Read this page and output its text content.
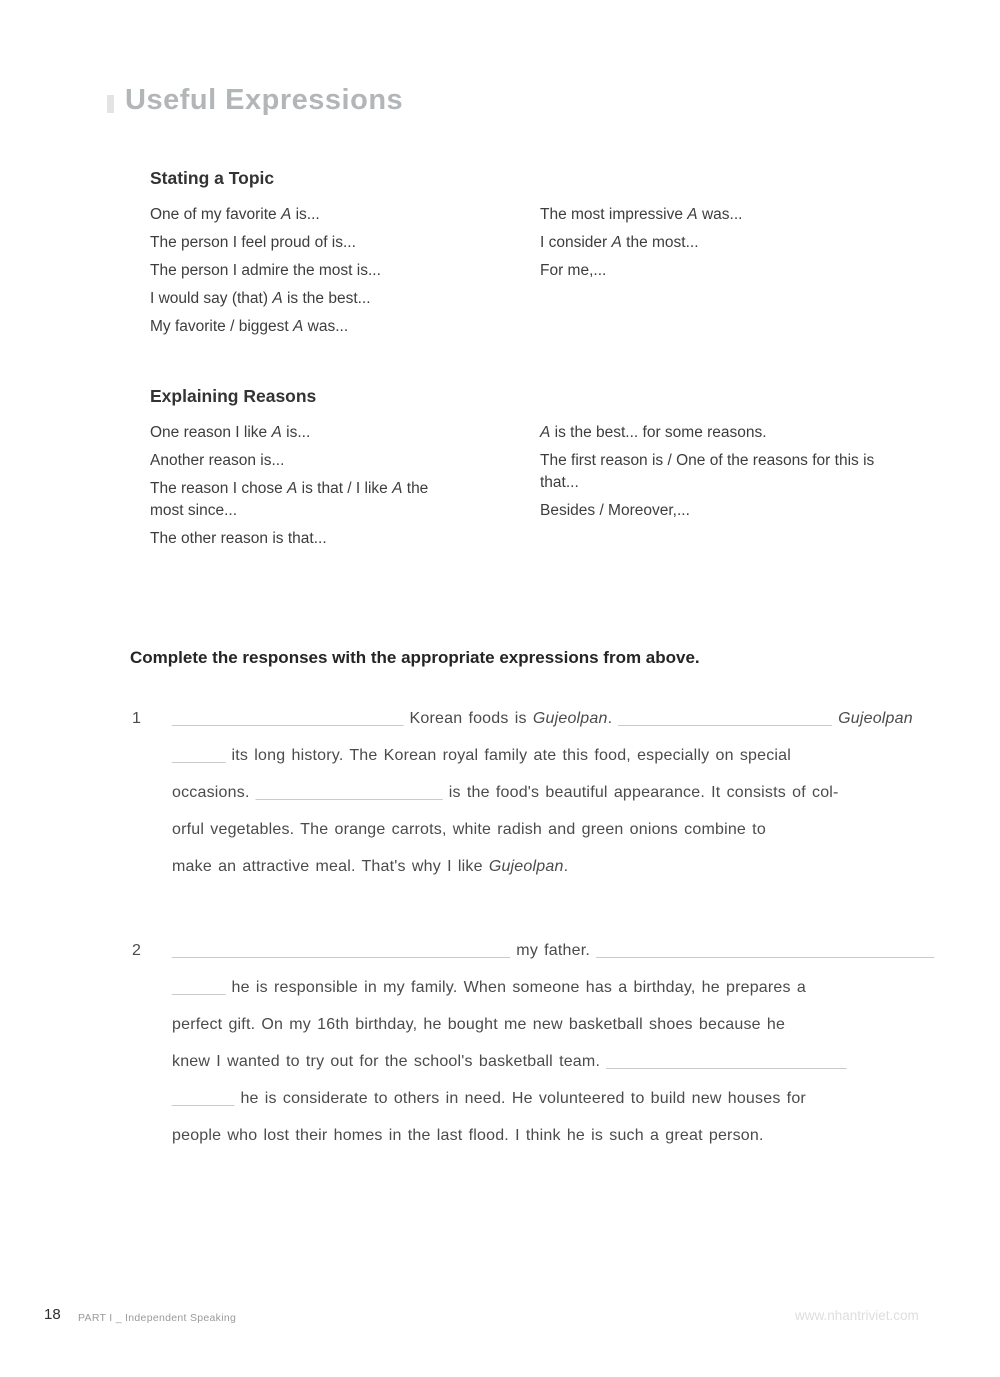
Useful Expressions
Stating a Topic
One of my favorite A is...
The person I feel proud of is...
The person I admire the most is...
I would say (that) A is the best...
My favorite / biggest A was...
The most impressive A was...
I consider A the most...
For me,...
Explaining Reasons
One reason I like A is...
Another reason is...
The reason I chose A is that / I like A the most since...
The other reason is that...
A is the best... for some reasons.
The first reason is / One of the reasons for this is that...
Besides / Moreover,...
Complete the responses with the appropriate expressions from above.
1 __________________________ Korean foods is Gujeolpan. ________________________ Gujeolpan
______ its long history. The Korean royal family ate this food, especially on special
occasions. _____________________ is the food's beautiful appearance. It consists of col-
orful vegetables. The orange carrots, white radish and green onions combine to
make an attractive meal. That's why I like Gujeolpan.
2 ______________________________________ my father. ______________________________________
______ he is responsible in my family. When someone has a birthday, he prepares a
perfect gift. On my 16th birthday, he bought me new basketball shoes because he
knew I wanted to try out for the school's basketball team. ___________________________
_______ he is considerate to others in need. He volunteered to build new houses for
people who lost their homes in the last flood. I think he is such a great person.
18 PART I _ Independent Speaking	www.nhantriviet.com
